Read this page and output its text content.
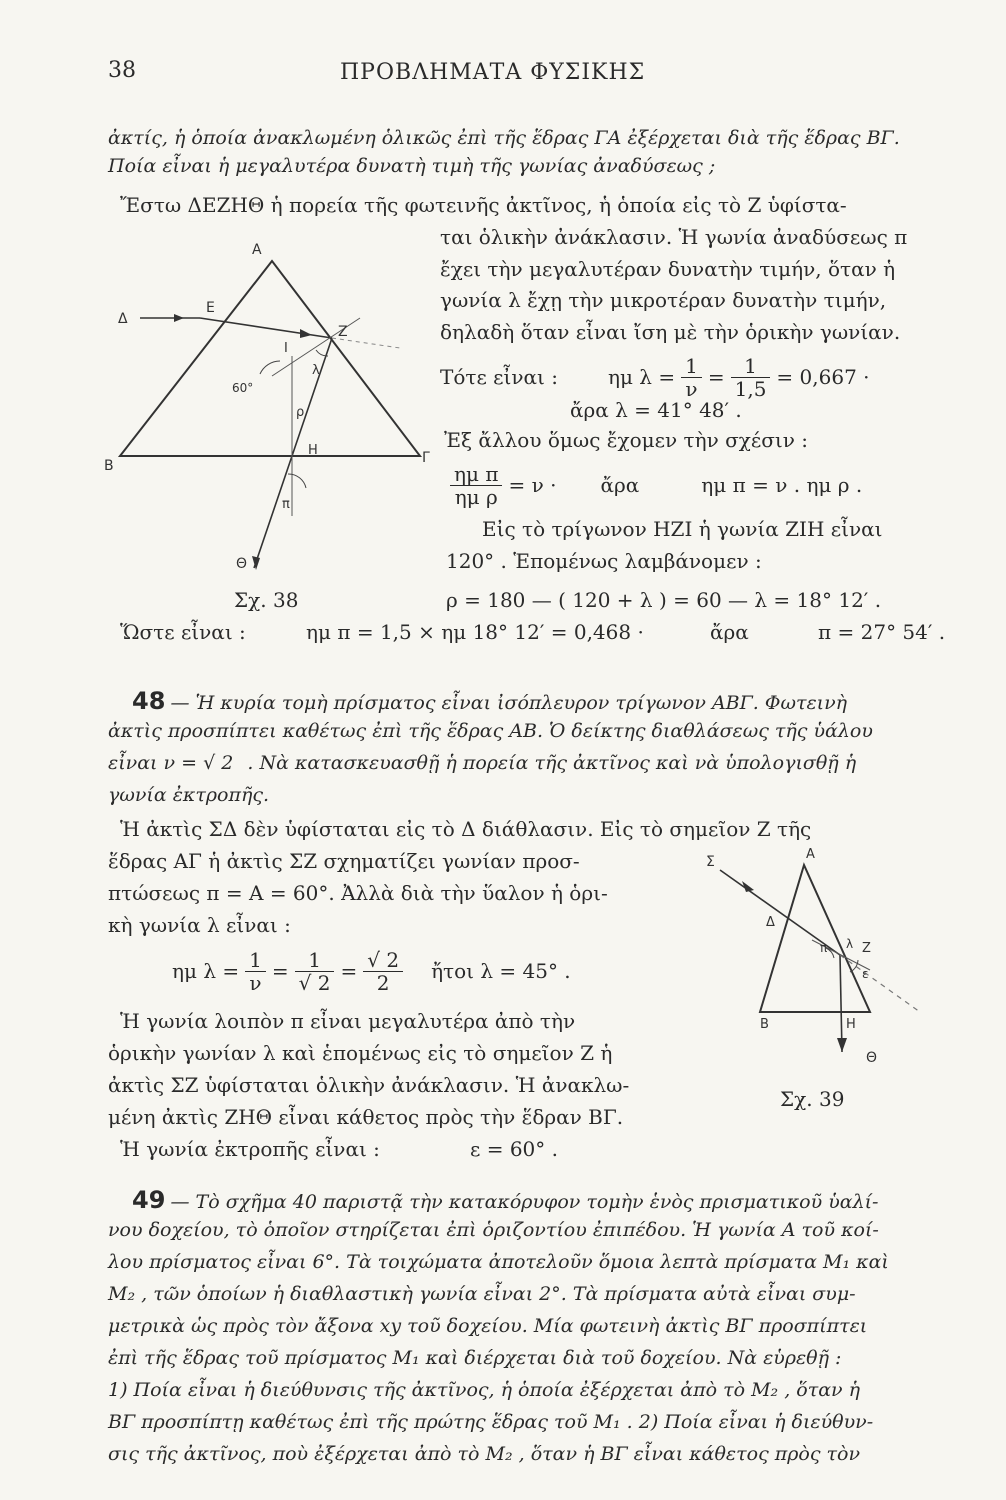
38	ΠΡΟΒΛΗΜΑΤΑ ΦΥΣΙΚΗΣ
ἀκτίς, ἡ ὁποία ἀνακλωμένη ὁλικῶς ἐπὶ τῆς ἕδρας ΓΑ ἐξέρχεται διὰ τῆς ἕδρας ΒΓ.
Ποία εἶναι ἡ μεγαλυτέρα δυνατὴ τιμὴ τῆς γωνίας ἀναδύσεως ;
Ἔστω ΔΕΖΗΘ ἡ πορεία τῆς φωτεινῆς ἀκτῖνος, ἡ ὁποία εἰς τὸ Ζ ὑφίστα-
ται ὁλικὴν ἀνάκλασιν. Ἡ γωνία ἀναδύσεως π
ἔχει τὴν μεγαλυτέραν δυνατὴν τιμήν, ὅταν ἡ
γωνία λ ἔχῃ τὴν μικροτέραν δυνατὴν τιμήν,
δηλαδὴ ὅταν εἶναι ἴση μὲ τὴν ὁρικὴν γωνίαν.
Τότε εἶναι :	ημ $\lambda = \frac{1}{\nu} = \frac{1}{1,5} = 0,667$ ·
ἄρα λ = 41° 48′ .
Ἐξ ἄλλου ὅμως ἔχομεν τὴν σχέσιν :
$\frac{\text{ημ π}}{\text{ημ ρ}} = \nu$ · ἄρα	ημ π = ν . ημ ρ .
Εἰς τὸ τρίγωνον ΗΖΙ ἡ γωνία ΖΙΗ εἶναι
120° . Ἑπομένως λαμβάνομεν :
Σχ. 38	ρ = 180 — ( 120 + λ ) = 60 — λ = 18° 12′ .
Ὥστε εἶναι :	ημ π = 1,5 × ημ 18° 12′ = 0,468 ·	ἄρα	π = 27° 54′ .
Α
Β	Γ
Δ
Ε
Ζ
Ι
Η
Θ
λ
ρ
π
60°
48 — Ἡ κυρία τομὴ πρίσματος εἶναι ἰσόπλευρον τρίγωνον ΑΒΓ. Φωτεινὴ
ἀκτὶς προσπίπτει καθέτως ἐπὶ τῆς ἕδρας ΑΒ. Ὁ δείκτης διαθλάσεως τῆς ὑάλου
εἶναι ν = √ 2 . Νὰ κατασκευασθῇ ἡ πορεία τῆς ἀκτῖνος καὶ νὰ ὑπολογισθῇ ἡ
γωνία ἐκτροπῆς.
Ἡ ἀκτὶς ΣΔ δὲν ὑφίσταται εἰς τὸ Δ διάθλασιν. Εἰς τὸ σημεῖον Ζ τῆς
ἕδρας ΑΓ ἡ ἀκτὶς ΣΖ σχηματίζει γωνίαν προσ-
πτώσεως π = Α = 60°. Ἀλλὰ διὰ τὴν ὕαλον ἡ ὁρι-
κὴ γωνία λ εἶναι :
ημ $\lambda = \frac{1}{\nu} = \frac{1}{√ 2} = \frac{√ 2}{2}$ ἤτοι λ = 45° .
Ἡ γωνία λοιπὸν π εἶναι μεγαλυτέρα ἀπὸ τὴν
ὁρικὴν γωνίαν λ καὶ ἑπομένως εἰς τὸ σημεῖον Ζ ἡ
ἀκτὶς ΣΖ ὑφίσταται ὁλικὴν ἀνάκλασιν. Ἡ ἀνακλω-
μένη ἀκτὶς ΖΗΘ εἶναι κάθετος πρὸς τὴν ἕδραν ΒΓ.
Ἡ γωνία ἐκτροπῆς εἶναι :	ε = 60° .
Σχ. 39
Σ	Α
Β
Δ
Ζ
Η
Θ
π λ
ε
49 — Τὸ σχῆμα 40 παριστᾷ τὴν κατακόρυφον τομὴν ἑνὸς πρισματικοῦ ὑαλί-
νου δοχείου, τὸ ὁποῖον στηρίζεται ἐπὶ ὁριζοντίου ἐπιπέδου. Ἡ γωνία Α τοῦ κοί-
λου πρίσματος εἶναι 6°. Τὰ τοιχώματα ἀποτελοῦν ὅμοια λεπτὰ πρίσματα Μ₁ καὶ
Μ₂ , τῶν ὁποίων ἡ διαθλαστικὴ γωνία εἶναι 2°. Τὰ πρίσματα αὐτὰ εἶναι συμ-
μετρικὰ ὡς πρὸς τὸν ἄξονα xy τοῦ δοχείου. Μία φωτεινὴ ἀκτὶς ΒΓ προσπίπτει
ἐπὶ τῆς ἕδρας τοῦ πρίσματος Μ₁ καὶ διέρχεται διὰ τοῦ δοχείου. Νὰ εὑρεθῇ :
1) Ποία εἶναι ἡ διεύθυνσις τῆς ἀκτῖνος, ἡ ὁποία ἐξέρχεται ἀπὸ τὸ Μ₂ , ὅταν ἡ
ΒΓ προσπίπτῃ καθέτως ἐπὶ τῆς πρώτης ἕδρας τοῦ Μ₁ . 2) Ποία εἶναι ἡ διεύθυν-
σις τῆς ἀκτῖνος, ποὺ ἐξέρχεται ἀπὸ τὸ Μ₂ , ὅταν ἡ ΒΓ εἶναι κάθετος πρὸς τὸν
